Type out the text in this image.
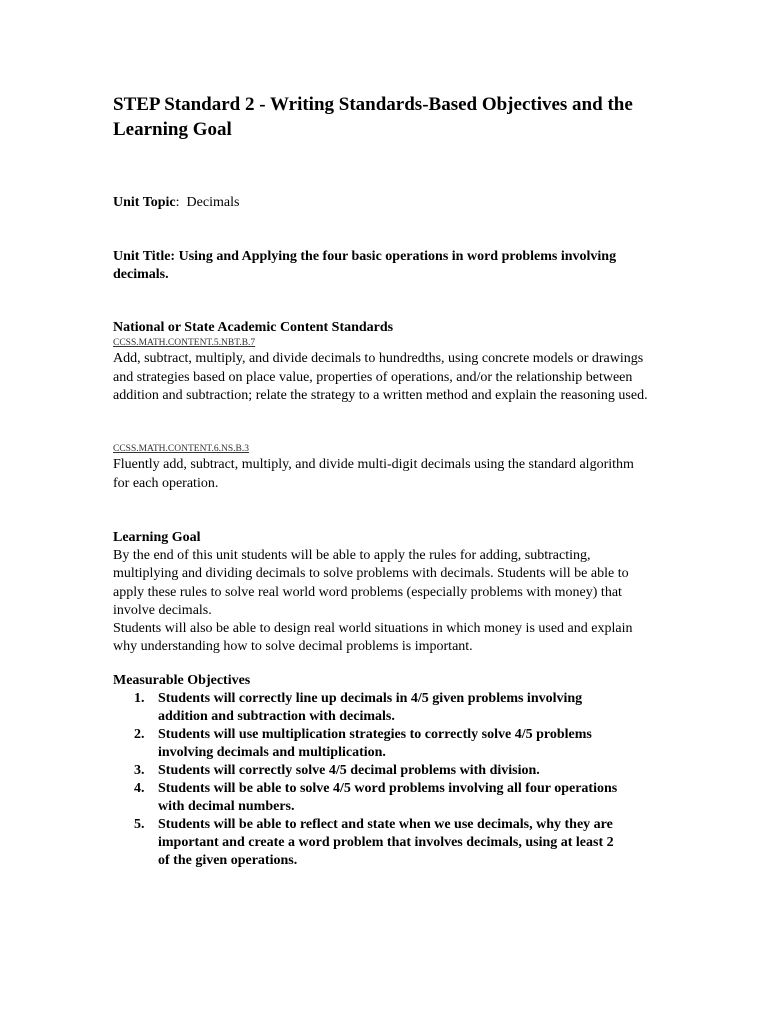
STEP Standard 2 - Writing Standards-Based Objectives and the Learning Goal
Unit Topic:  Decimals
Unit Title: Using and Applying the four basic operations in word problems involving decimals.
National or State Academic Content Standards
CCSS.MATH.CONTENT.5.NBT.B.7
Add, subtract, multiply, and divide decimals to hundredths, using concrete models or drawings and strategies based on place value, properties of operations, and/or the relationship between addition and subtraction; relate the strategy to a written method and explain the reasoning used.
CCSS.MATH.CONTENT.6.NS.B.3
Fluently add, subtract, multiply, and divide multi-digit decimals using the standard algorithm for each operation.
Learning Goal
By the end of this unit students will be able to apply the rules for adding, subtracting, multiplying and dividing decimals to solve problems with decimals. Students will be able to apply these rules to solve real world word problems (especially problems with money) that involve decimals.
Students will also be able to design real world situations in which money is used and explain why understanding how to solve decimal problems is important.
Measurable Objectives
1. Students will correctly line up decimals in 4/5 given problems involving addition and subtraction with decimals.
2. Students will use multiplication strategies to correctly solve 4/5 problems involving decimals and multiplication.
3. Students will correctly solve 4/5 decimal problems with division.
4. Students will be able to solve 4/5 word problems involving all four operations with decimal numbers.
5. Students will be able to reflect and state when we use decimals, why they are important and create a word problem that involves decimals, using at least 2 of the given operations.
